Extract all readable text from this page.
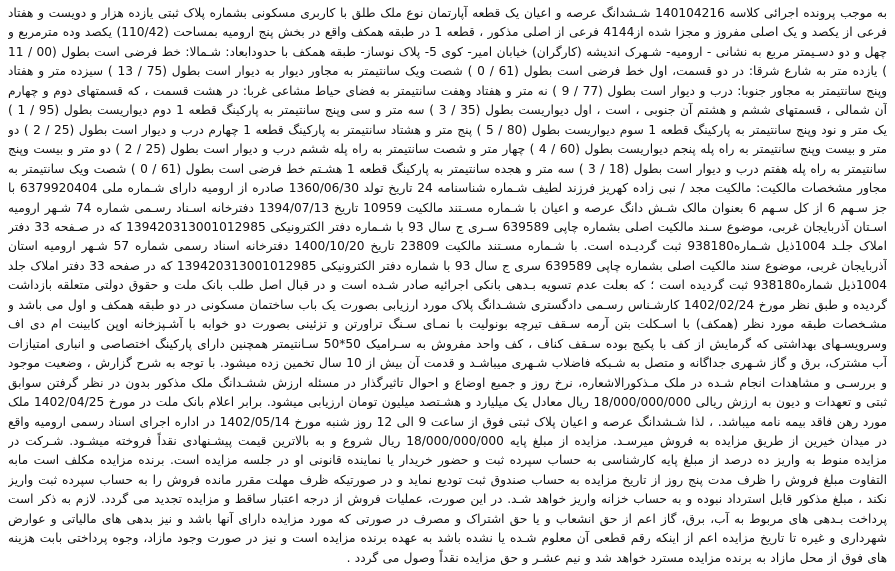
به موجب پرونده اجرائی کلاسه 140104216 شـشدانگ عرصه و اعیان یک قطعه آپارتمان نوع ملک طلق با کاربری مسکونی بشماره پلاک ثبتی یازده هزار و دویست و هفتاد فرعی از یکصد و یک اصلی مفروز و مجزا شده از4144 فرعی از اصلی مذکور ، قطعه 1 در طبقه همکف واقع در بخش پنج ارومیه بمساحت (110/42) یکصد وده مترمربع و چهل و دو دسـیمتر مربع به نشانی - ارومیه- شـهرک اندیشه (کارگران) خیابان امیر- کوی 5- پلاک نوساز- طبقه همکف با حدودابعاد: شـمالا: خط فرضی است بطول (00 / 11 ) یازده متر به شارع شرقا: در دو قسمت، اول خط فرضی است بطول (61 / 0 ) شصت ویک سانتیمتر به مجاور دیوار به دیوار است بطول (75 / 13 ) سیزده متر و هفتاد وپنج سانتیمتر به مجاور جنوبا: درب و دیوار است بطول (77 / 9 ) نه متر و هفتاد وهفت سانتیمتر به فضای حیاط مشاعی غربا: در هشت قسمت ، که قسمتهای دوم و چهارم آن شمالی ، قسمتهای ششم و هشتم آن جنوبی ، است ، اول دیواریست بطول (35 / 3 ) سه متر و سی وپنج سانتیمتر به پارکینگ قطعه 1 دوم دیواریست بطول (95 / 1 ) یک متر و نود وپنج سانتیمتر به پارکینگ قطعه 1 سوم دیواریست بطول (80 / 5 ) پنج متر و هشتاد سانتیمتر به پارکینگ قطعه 1 چهارم درب و دیوار است بطول (25 / 2 ) دو متر و بیست وپنج سانتیمتر به راه پله پنجم دیواریست بطول (60 / 4 ) چهار متر و شصت سانتیمتر به راه پله ششم درب و دیوار است بطول (25 / 2 ) دو متر و بیست وپنج سانتیمتر به راه پله هفتم درب و دیوار است بطول (18 / 3 ) سه متر و هجده سانتیمتر به پارکینگ قطعه 1 هشـتم خط فرضی است بطول (61 / 0 ) شصت ویک سانتیمتر به مجاور مشخصات مالکیت: مالکیت مجد / نبی زاده کهریز فرزند لطیف شـماره شناسنامه 24 تاریخ تولد 1360/06/30 صادره از ارومیه دارای شـماره ملی 6379920404 با جز سـهم 6 از کل سـهم 6 بعنوان مالک شـش دانگ عرصه و اعیان با شـماره مسـتند مالکیت 10959 تاریخ 1394/07/13 دفترخانه اسـناد رسـمی شماره 74 شـهر ارومیه اسـتان آذربایجان غربی، موضوع سـند مالکیت اصلی بشماره چاپی 639589 سـری ج سال 93 با شـماره دفتر الکترونیکی 139420313001012985 که در صـفحه 33 دفتر املاک جلـد 1004ذیل شـماره938180 ثبت گردیـده است. با شـماره مسـتند مالکیت 23809 تاریخ 1400/10/20 دفترخانه اسناد رسمی شماره 57 شـهر ارومیه استان آذربایجان غربی، موضوع سند مالکیت اصلی بشماره چاپی 639589 سری ج سال 93 با شماره دفتر الکترونیکی 139420313001012985 که در صفحه 33 دفتر املاک جلد 1004ذیل شماره938180 ثبت گردیده است ؛ که بعلت عدم تسویه بـدهی بانکی اجرائیه صادر شـده است و در قبال اصل طلب بانک ملت و حقوق دولتی متعلقه بازداشت گردیده و طبق نظر مورخ 1402/02/24 کارشـناس رسـمی دادگستری ششـدانگ پلاک مورد ارزیابی بصورت یک باب ساختمان مسکونی در دو طبقه همکف و اول می باشد و مشـخصات طبقه مورد نظر (همکف) با اسـکلت بتن آرمه سـقف تیرچه بونولیت با نمـای سـنگ تراورتن و تزئینی بصورت دو خوابه با آشـپزخانه اوپن کابینت ام دی اف وسرویسـهای بهداشتی که گرمایش از کف با پکیج بوده سـقف کناف ، کف واحد مفروش به سـرامیک 50*50 سـانتیمتر همچنین دارای پارکینگ اختصاصی و انباری امتیازات آب مشترک، برق و گاز شـهری جداگانه و متصل به شـبکه فاضلاب شـهری میباشـد و قدمت آن بیش از 10 سال تخمین زده میشود. با توجه به شرح گزارش ، وضعیت موجود و بررسـی و مشاهدات انجام شـده در ملک مـذکورالاشعاره، نرخ روز و جمیع اوضاع و احوال تاثیرگذار در مسئله ارزش ششـدانگ ملک مذکور بدون در نظر گرفتن سوابق ثبتی و تعهدات و دیون به ارزش ریالی 18/000/000/000 ریال معادل یک میلیارد و هشـتصد میلیون تومان ارزیابی میشود. برابر اعلام بانک ملت در مورخ 1402/04/25 ملک مورد رهن فاقد بیمه نامه میباشد. ، لذا شـشدانگ عرصه و اعیان پلاک ثبتی فوق از ساعت 9 الی 12 روز شنبه مورخ 1402/05/14 در اداره اجرای اسناد رسمی ارومیه واقع در میدان خیرین از طریق مزایده به فروش میرسـد. مزایده از مبلغ پایه 18/000/000/000 ریال شروع و به بالاترین قیمت پیشـنهادی نقداً فروخته میشـود. شـرکت در مزایده منوط به واریز ده درصد از مبلغ پایه کارشناسی به حساب سپرده ثبت و حضور خریدار یا نماینده قانونی او در جلسه مزایده است. برنده مزایده مکلف است مابه التفاوت مبلغ فروش را ظرف مدت پنج روز از تاریخ مزایده به حساب صندوق ثبت تودیع نماید و در صورتیکه ظرف مهلت مقرر مانده فروش را به حساب سپرده ثبت واریز نکند ، مبلغ مذکور قابل استرداد نبوده و به حساب خزانه واریز خواهد شـد. در این صورت، عملیات فروش از درجه اعتبار ساقط و مزایده تجدید می گردد. لازم به ذکر است پرداخت بـدهی های مربوط به آب، برق، گاز اعم از حق انشعاب و یا حق اشتراک و مصرف در صورتی که مورد مزایده دارای آنها باشد و نیز بدهی های مالیاتی و عوارض شهرداری و غیره تا تاریخ مزایده اعم از اینکه رقم قطعی آن معلوم شـده یا نشده باشد به عهده برنده مزایده است و نیز در صورت وجود مازاد، وجوه پرداختی بابت هزینه های فوق از محل مازاد به برنده مزایده مسترد خواهد شد و نیم عشـر و حق مزایده نقداً وصول می گردد .
